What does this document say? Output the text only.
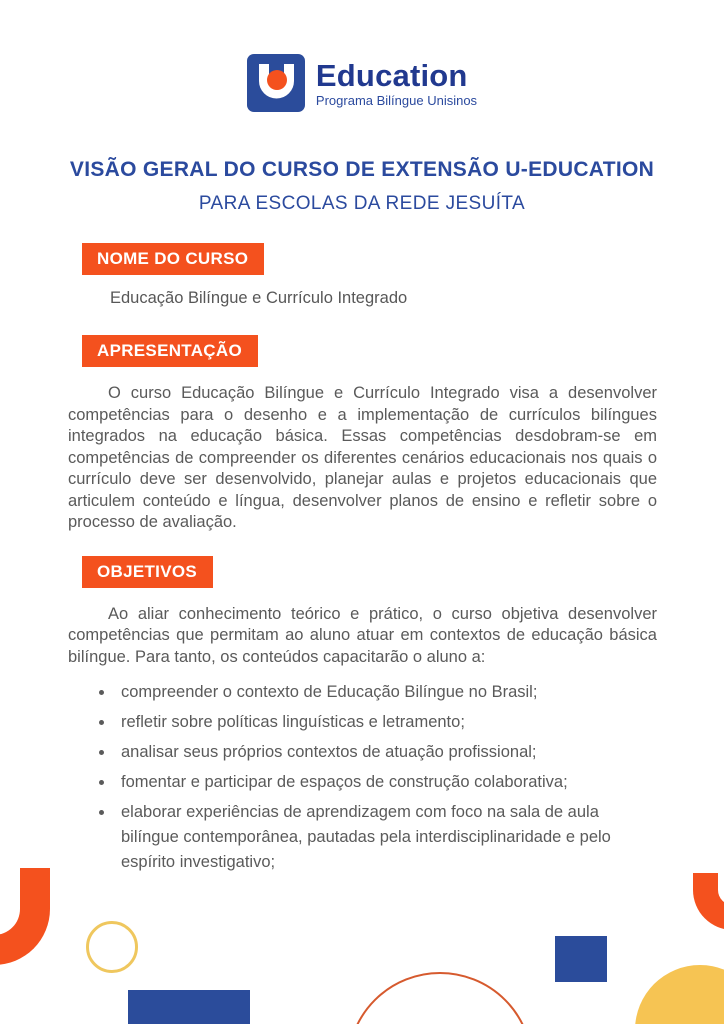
Education
Programa Bilíngue Unisinos
VISÃO GERAL DO CURSO DE EXTENSÃO U-EDUCATION
PARA ESCOLAS DA REDE JESUÍTA
NOME DO CURSO
Educação Bilíngue e Currículo Integrado
APRESENTAÇÃO

O curso Educação Bilíngue e Currículo Integrado visa a desenvolver competências para o desenho e a implementação de currículos bilíngues integrados na educação básica. Essas competências desdobram-se em competências de compreender os diferentes cenários educacionais nos quais o currículo deve ser desenvolvido, planejar aulas e projetos educacionais que articulem conteúdo e língua, desenvolver planos de ensino e refletir sobre o processo de avaliação.

OBJETIVOS

Ao aliar conhecimento teórico e prático, o curso objetiva desenvolver competências que permitam ao aluno atuar em contextos de educação básica bilíngue. Para tanto, os conteúdos capacitarão o aluno a:

• compreender o contexto de Educação Bilíngue no Brasil;
• refletir sobre políticas linguísticas e letramento;
• analisar seus próprios contextos de atuação profissional;
• fomentar e participar de espaços de construção colaborativa;
• elaborar experiências de aprendizagem com foco na sala de aula bilíngue contemporânea, pautadas pela interdisciplinaridade e pelo espírito investigativo;
